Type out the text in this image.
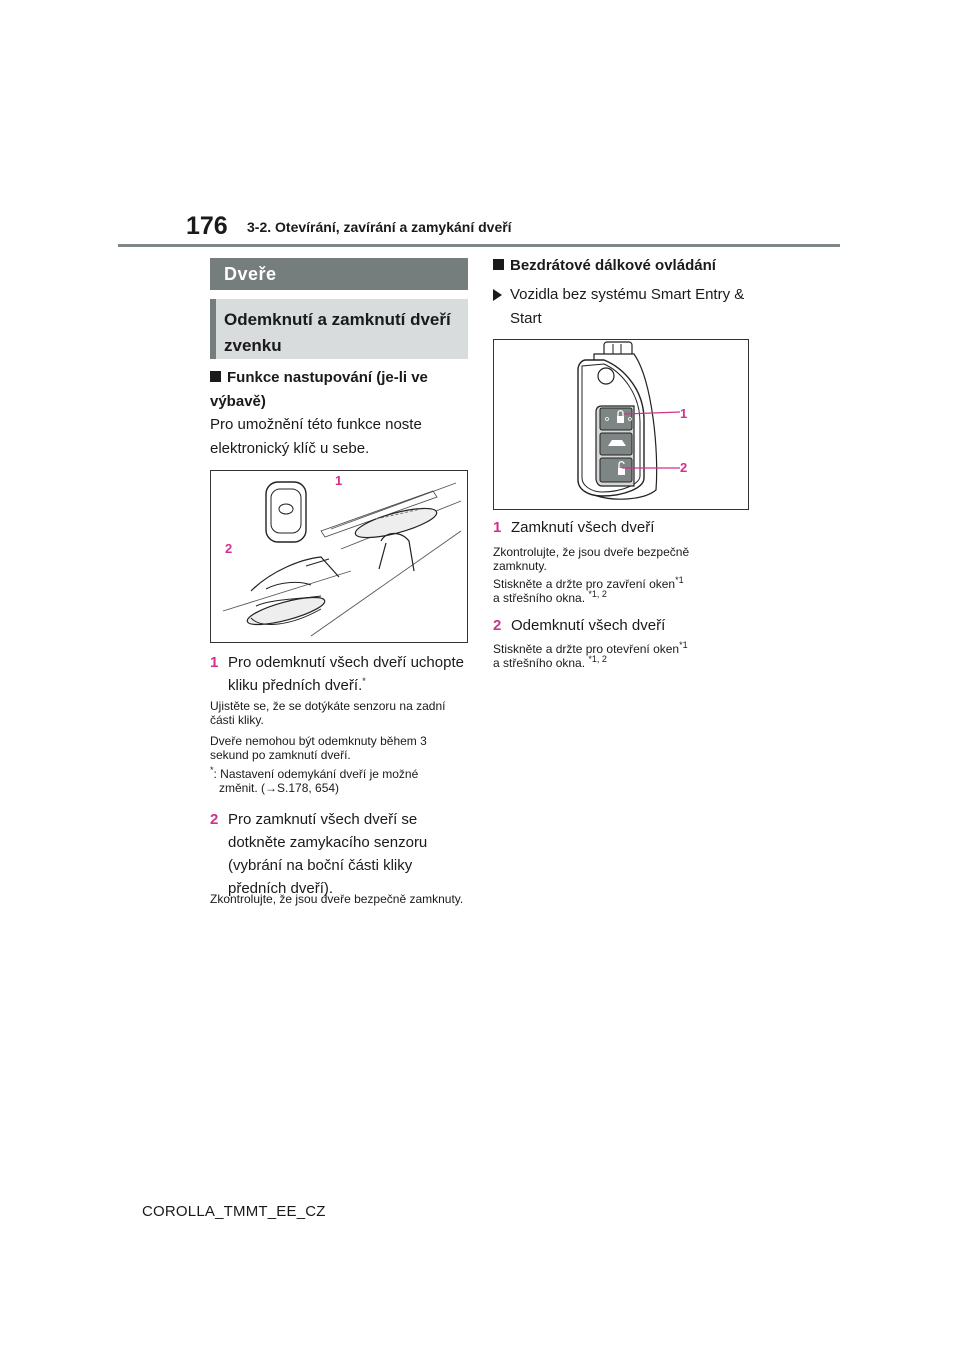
176 3-2. Otevírání, zavírání a zamykání dveří
Dveře
Odemknutí a zamknutí dveří zvenku
Funkce nastupování (je-li ve výbavě)
Pro umožnění této funkce noste elektronický klíč u sebe.
1
2
1 Pro odemknutí všech dveří uchopte kliku předních dveří.*
Ujistěte se, že se dotýkáte senzoru na zadní části kliky.
Dveře nemohou být odemknuty během 3 sekund po zamknutí dveří.
*: Nastavení odemykání dveří je možné
změnit. (→S.178, 654)
2 Pro zamknutí všech dveří se dotkněte zamykacího senzoru (vybrání na boční části kliky předních dveří).
Zkontrolujte, že jsou dveře bezpečně zamknuty.
Bezdrátové dálkové ovládání
Vozidla bez systému Smart Entry & Start
1
2
1 Zamknutí všech dveří
Zkontrolujte, že jsou dveře bezpečně zamknuty.
Stiskněte a držte pro zavření oken$^{*1}$
a střešního okna. $^{*1, 2}$
2 Odemknutí všech dveří
Stiskněte a držte pro otevření oken$^{*1}$
a střešního okna. $^{*1, 2}$
COROLLA_TMMT_EE_CZ
